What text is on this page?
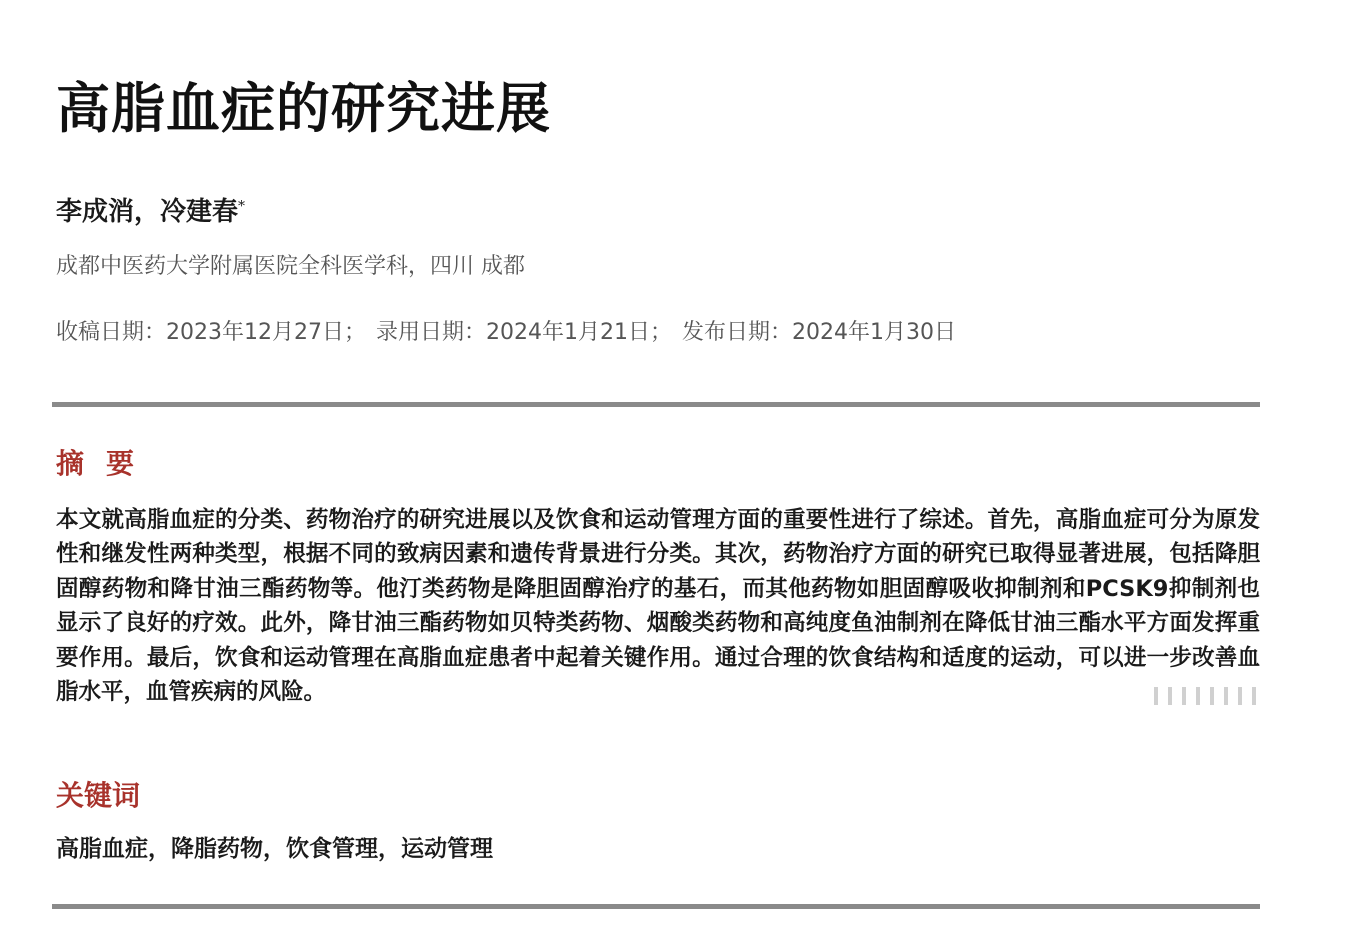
高脂血症的研究进展
李成消，冷建春*
成都中医药大学附属医院全科医学科，四川 成都
收稿日期：2023年12月27日； 录用日期：2024年1月21日； 发布日期：2024年1月30日
摘要
本文就高脂血症的分类、药物治疗的研究进展以及饮食和运动管理方面的重要性进行了综述。首先，高脂血症可分为原发性和继发性两种类型，根据不同的致病因素和遗传背景进行分类。其次，药物治疗方面的研究已取得显著进展，包括降胆固醇药物和降甘油三酯药物等。他汀类药物是降胆固醇治疗的基石，而其他药物如胆固醇吸收抑制剂和PCSK9抑制剂也显示了良好的疗效。此外，降甘油三酯药物如贝特类药物、烟酸类药物和高纯度鱼油制剂在降低甘油三酯水平方面发挥重要作用。最后，饮食和运动管理在高脂血症患者中起着关键作用。通过合理的饮食结构和适度的运动，可以进一步改善血脂水平，血管疾病的风险。
关键词
高脂血症，降脂药物，饮食管理，运动管理
